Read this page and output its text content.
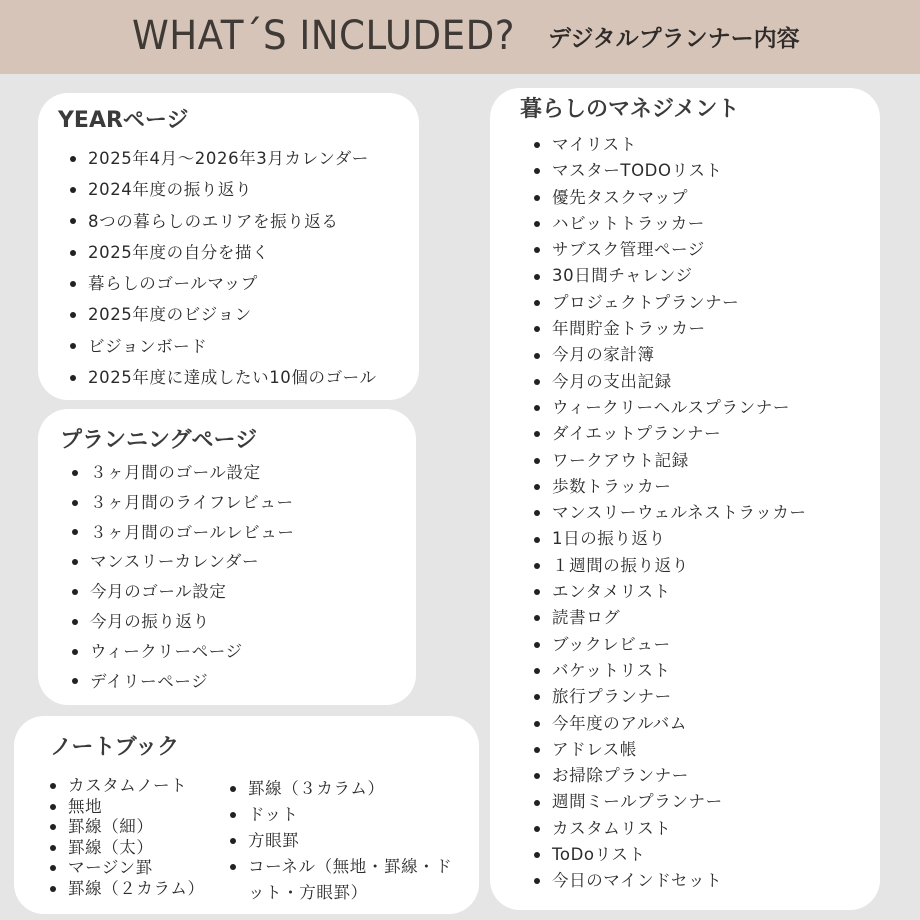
WHAT´S INCLUDED? デジタルプランナー内容
YEARページ
2025年4月〜2026年3月カレンダー
2024年度の振り返り
8つの暮らしのエリアを振り返る
2025年度の自分を描く
暮らしのゴールマップ
2025年度のビジョン
ビジョンボード
2025年度に達成したい10個のゴール
プランニングページ
３ヶ月間のゴール設定
３ヶ月間のライフレビュー
３ヶ月間のゴールレビュー
マンスリーカレンダー
今月のゴール設定
今月の振り返り
ウィークリーページ
デイリーページ
ノートブック
カスタムノート
無地
罫線（細）
罫線（太）
マージン罫
罫線（２カラム）
罫線（３カラム）
ドット
方眼罫
コーネル（無地・罫線・ドット・方眼罫）
暮らしのマネジメント
マイリスト
マスターTODOリスト
優先タスクマップ
ハビットトラッカー
サブスク管理ページ
30日間チャレンジ
プロジェクトプランナー
年間貯金トラッカー
今月の家計簿
今月の支出記録
ウィークリーヘルスプランナー
ダイエットプランナー
ワークアウト記録
歩数トラッカー
マンスリーウェルネストラッカー
1日の振り返り
１週間の振り返り
エンタメリスト
読書ログ
ブックレビュー
バケットリスト
旅行プランナー
今年度のアルバム
アドレス帳
お掃除プランナー
週間ミールプランナー
カスタムリスト
ToDoリスト
今日のマインドセット
